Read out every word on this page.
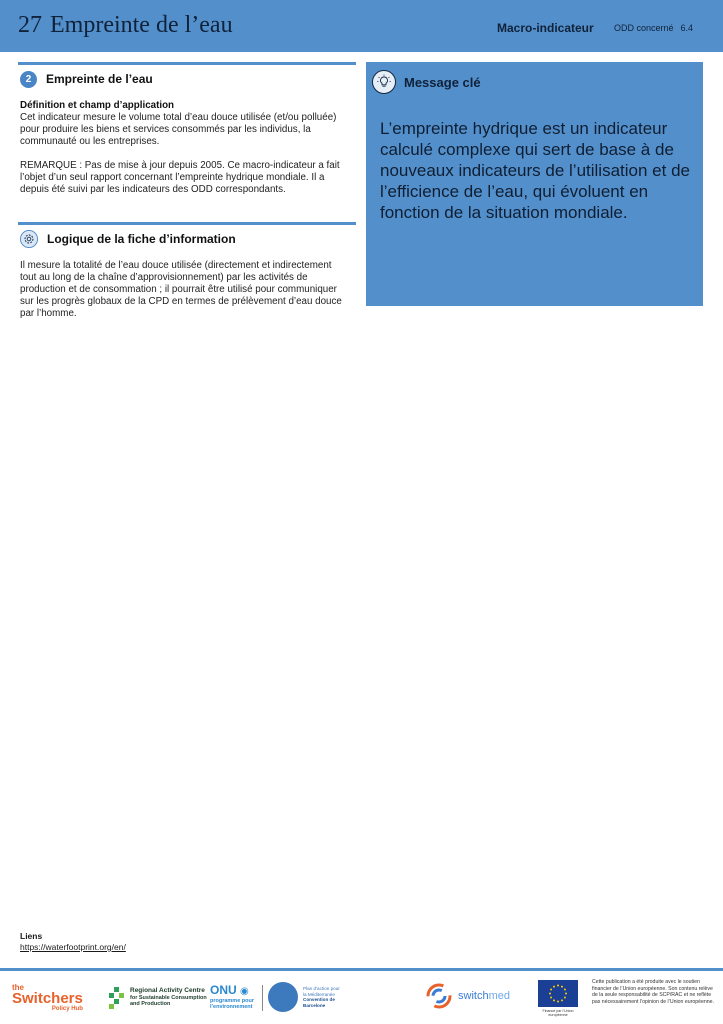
27 Empreinte de l’eau	Macro-indicateur ODD concerné 6.4
2	Empreinte de l’eau

Définition et champ d’application

Cet indicateur mesure le volume total d’eau douce utilisée (et/ou polluée) pour produire les biens et services consommés par les individus, la communauté ou les entreprises.

REMARQUE : Pas de mise à jour depuis 2005. Ce macro-indicateur a fait l’objet d’un seul rapport concernant l’empreinte hydrique mondiale. Il a depuis été suivi par les indicateurs des ODD correspondants.

Logique de la fiche d’information

Il mesure la totalité de l’eau douce utilisée (directement et indirectement tout au long de la chaîne d’approvisionnement) par les activités de production et de consommation ; il pourrait être utilisé pour communiquer sur les progrès globaux de la CPD en termes de prélèvement d’eau douce par l’homme.

Message clé
L’empreinte hydrique est un indicateur calculé complexe qui sert de base à de nouveaux indicateurs de l’utilisation et de l’efficience de l’eau, qui évoluent en fonction de la situation mondiale.
Liens
https://waterfootprint.org/en/
the
Switchers
Policy Hub
Regional Activity Centre
for Sustainable Consumption
and Production
ONU ◉
programme pour
l’environnement
Plan d’action pour
la Méditerranée
Convention de
Barcelone
switchmed
Financé par l’Union européenne
Cette publication a été produite avec le soutien financier de l’Union européenne. Son contenu relève de la seule responsabilité de SCP/RAC et ne reflète pas nécessairement l’opinion de l’Union européenne.
